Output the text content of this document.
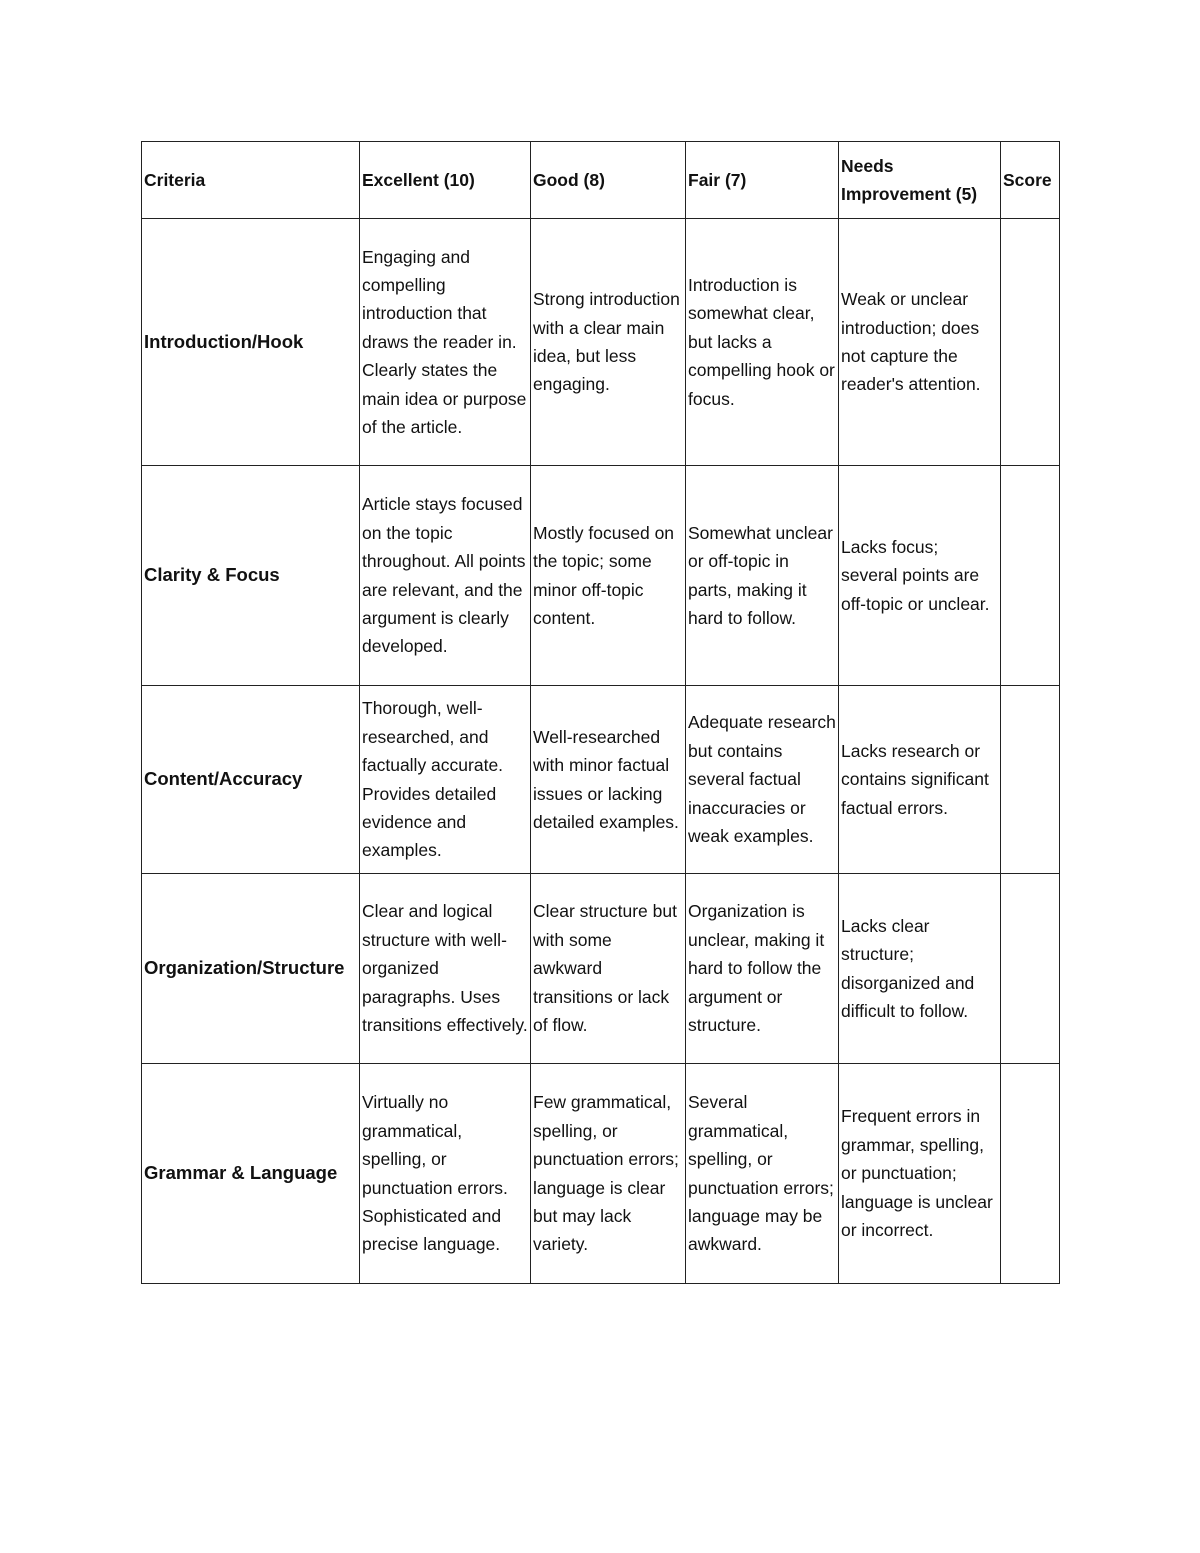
Criteria	Excellent (10)	Good (8)	Fair (7)	Needs Improvement (5)	Score
Introduction/Hook	Engaging and compelling introduction that draws the reader in. Clearly states the main idea or purpose of the article.	Strong introduction with a clear main idea, but less engaging.	Introduction is somewhat clear, but lacks a compelling hook or focus.	Weak or unclear introduction; does not capture the reader's attention.	
Clarity & Focus	Article stays focused on the topic throughout. All points are relevant, and the argument is clearly developed.	Mostly focused on the topic; some minor off-topic content.	Somewhat unclear or off-topic in parts, making it hard to follow.	Lacks focus; several points are off-topic or unclear.	
Content/Accuracy	Thorough, well-researched, and factually accurate. Provides detailed evidence and examples.	Well-researched with minor factual issues or lacking detailed examples.	Adequate research but contains several factual inaccuracies or weak examples.	Lacks research or contains significant factual errors.	
Organization/Structure	Clear and logical structure with well-organized paragraphs. Uses transitions effectively.	Clear structure but with some awkward transitions or lack of flow.	Organization is unclear, making it hard to follow the argument or structure.	Lacks clear structure; disorganized and difficult to follow.	
Grammar & Language	Virtually no grammatical, spelling, or punctuation errors. Sophisticated and precise language.	Few grammatical, spelling, or punctuation errors; language is clear but may lack variety.	Several grammatical, spelling, or punctuation errors; language may be awkward.	Frequent errors in grammar, spelling, or punctuation; language is unclear or incorrect.	
